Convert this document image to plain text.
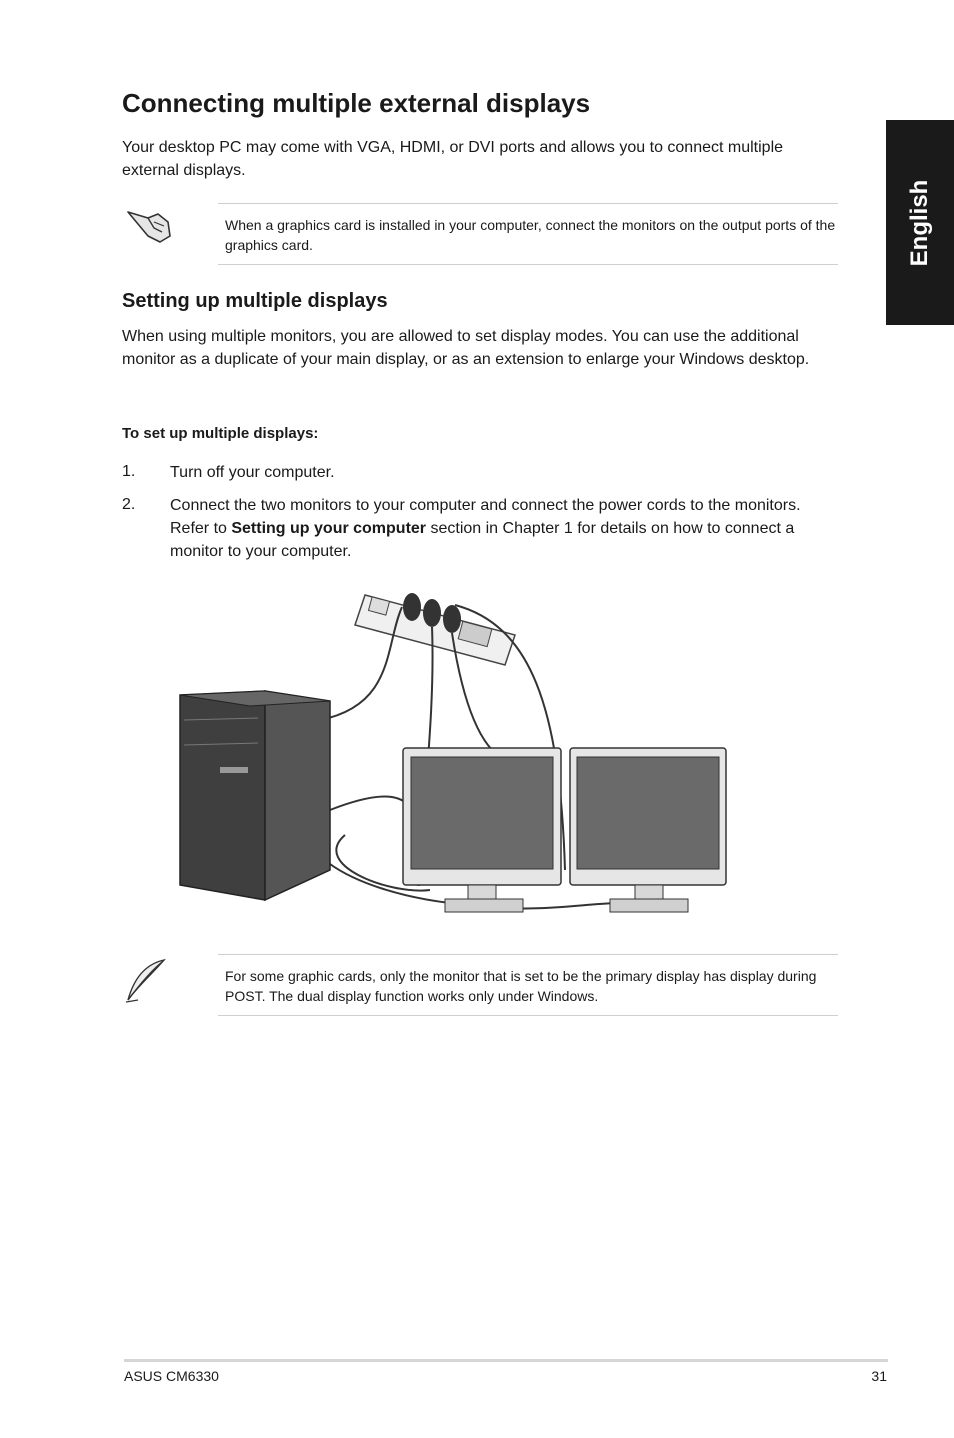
Connecting multiple external displays

Your desktop PC may come with VGA, HDMI, or DVI ports and allows you to connect multiple external displays.

When a graphics card is installed in your computer, connect the monitors on the output ports of the graphics card.

Setting up multiple displays

When using multiple monitors, you are allowed to set display modes. You can use the additional monitor as a duplicate of your main display, or as an extension to enlarge your Windows desktop.

To set up multiple displays:

1. Turn off your computer.

2. Connect the two monitors to your computer and connect the power cords to the monitors. Refer to Setting up your computer section in Chapter 1 for details on how to connect a monitor to your computer.

For some graphic cards, only the monitor that is set to be the primary display has display during POST. The dual display function works only under Windows.

English
ASUS CM6330	31
